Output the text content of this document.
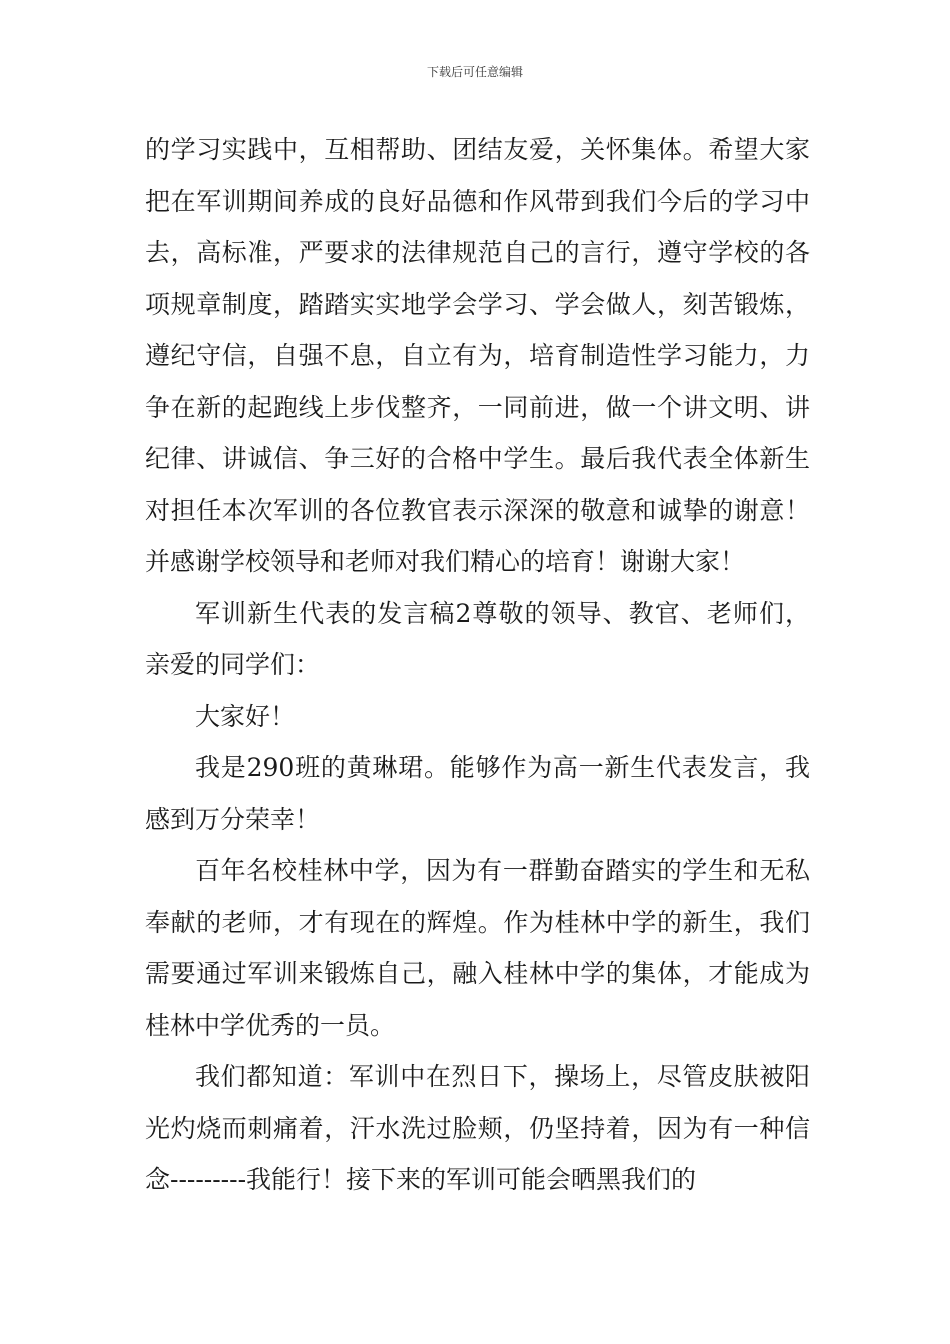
下载后可任意编辑

的学习实践中，互相帮助、团结友爱，关怀集体。希望大家把在军训期间养成的良好品德和作风带到我们今后的学习中去，高标准，严要求的法律规范自己的言行，遵守学校的各项规章制度，踏踏实实地学会学习、学会做人，刻苦锻炼，遵纪守信，自强不息，自立有为，培育制造性学习能力，力争在新的起跑线上步伐整齐，一同前进，做一个讲文明、讲纪律、讲诚信、争三好的合格中学生。最后我代表全体新生对担任本次军训的各位教官表示深深的敬意和诚挚的谢意！并感谢学校领导和老师对我们精心的培育！谢谢大家！

军训新生代表的发言稿2尊敬的领导、教官、老师们，亲爱的同学们：

大家好！

我是290班的黄琳珺。能够作为高一新生代表发言，我感到万分荣幸！

百年名校桂林中学，因为有一群勤奋踏实的学生和无私奉献的老师，才有现在的辉煌。作为桂林中学的新生，我们需要通过军训来锻炼自己，融入桂林中学的集体，才能成为桂林中学优秀的一员。

我们都知道：军训中在烈日下，操场上，尽管皮肤被阳光灼烧而刺痛着，汗水洗过脸颊，仍坚持着，因为有一种信念---------我能行！接下来的军训可能会晒黑我们的
